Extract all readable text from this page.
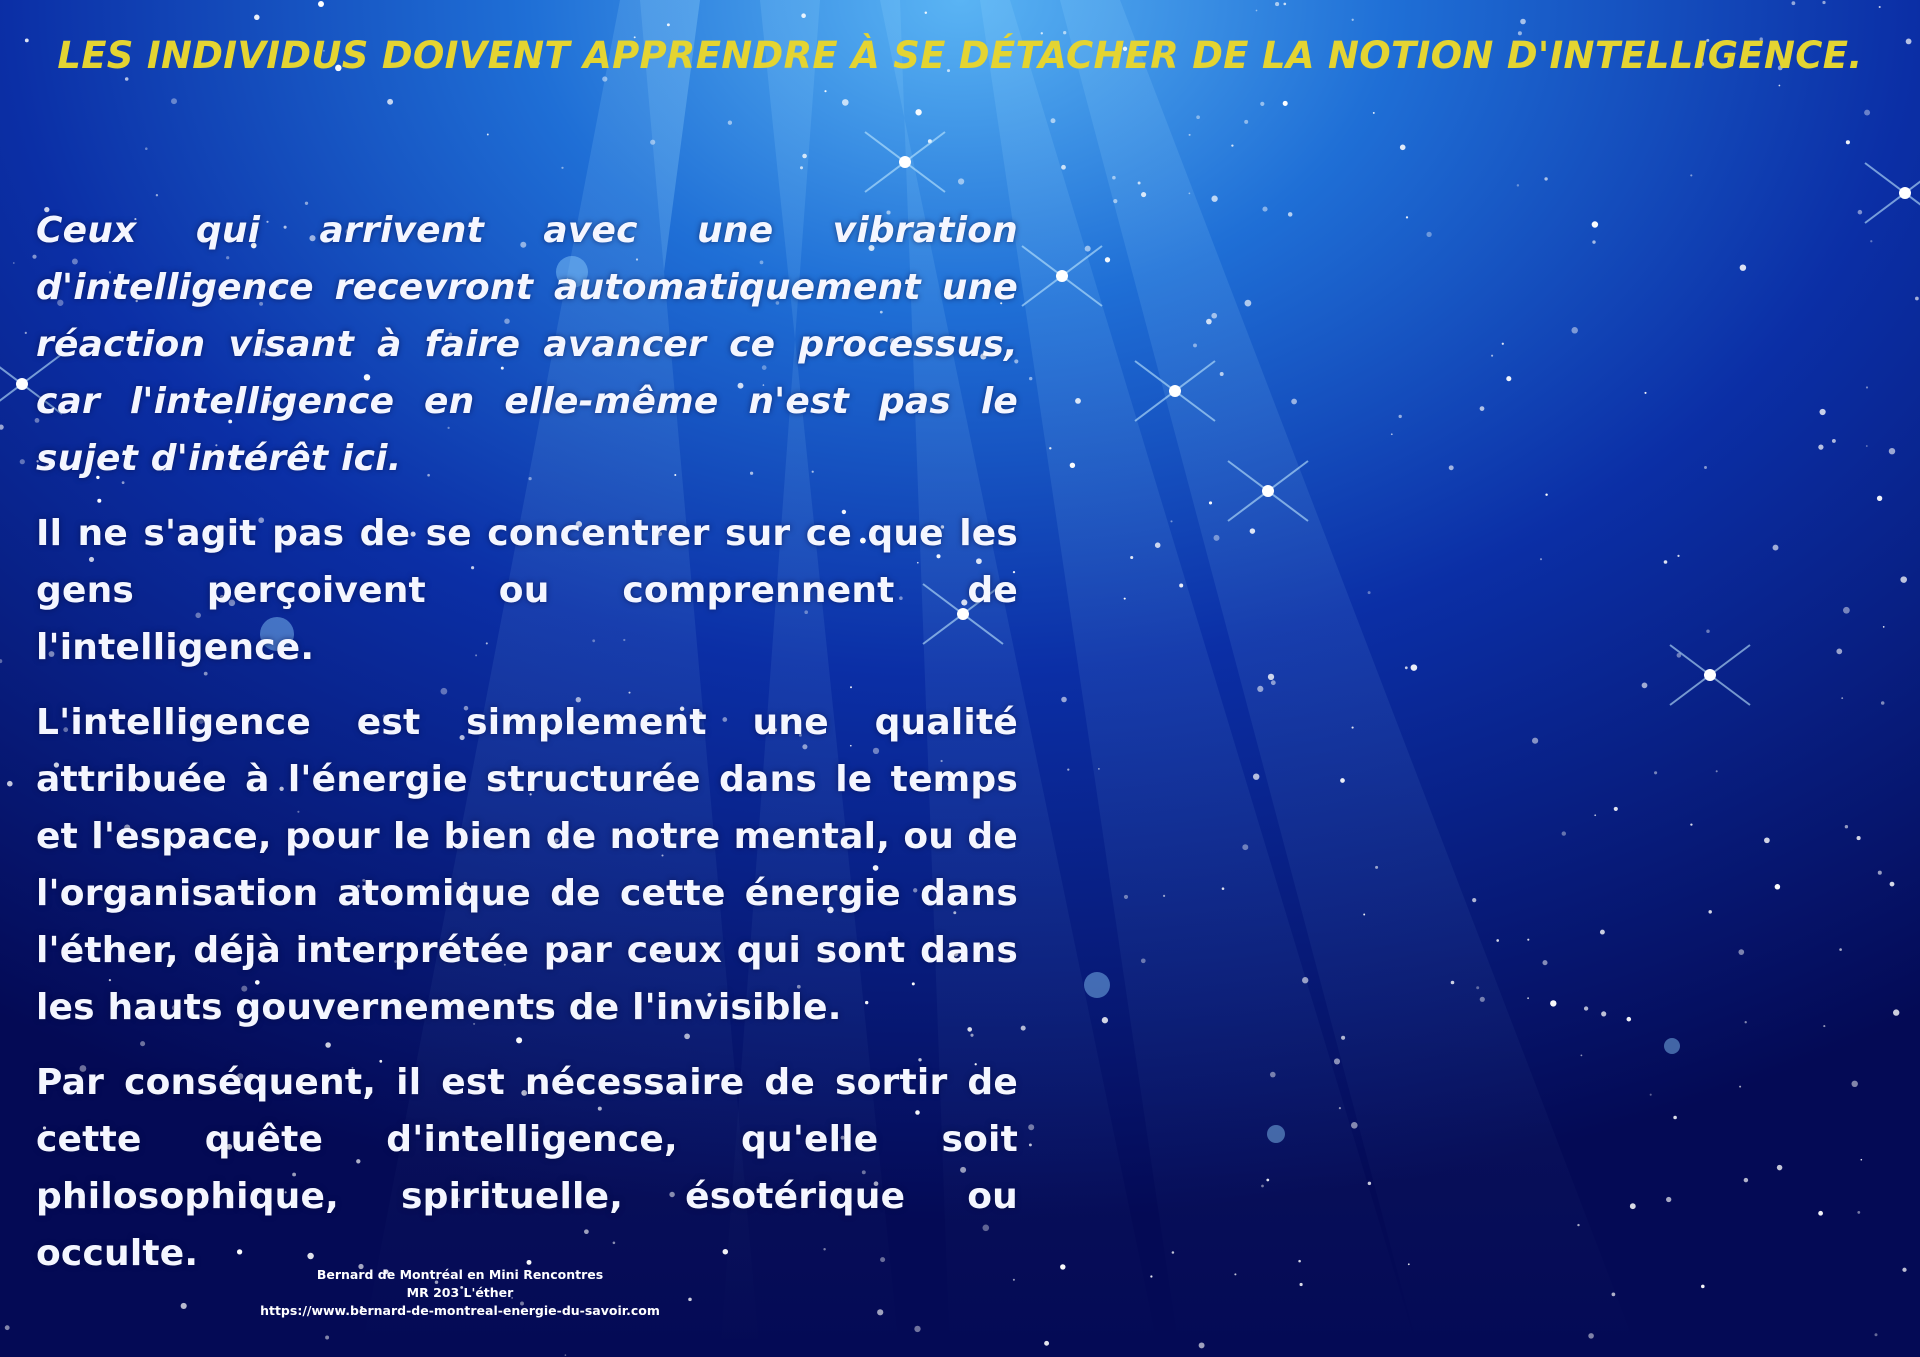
LES INDIVIDUS DOIVENT APPRENDRE À SE DÉTACHER DE LA NOTION D'INTELLIGENCE.

Ceux qui arrivent avec une vibration d'intelligence recevront automatiquement une réaction visant à faire avancer ce processus, car l'intelligence en elle-même n'est pas le sujet d'intérêt ici.

Il ne s'agit pas de se concentrer sur ce que les gens perçoivent ou comprennent de l'intelligence.

L'intelligence est simplement une qualité attribuée à l'énergie structurée dans le temps et l'espace, pour le bien de notre mental, ou de l'organisation atomique de cette énergie dans l'éther, déjà interprétée par ceux qui sont dans les hauts gouvernements de l'invisible.

Par conséquent, il est nécessaire de sortir de cette quête d'intelligence, qu'elle soit philosophique, spirituelle, ésotérique ou occulte.

Bernard de Montréal en Mini Rencontres
MR 203 L'éther
https://www.bernard-de-montreal-energie-du-savoir.com
